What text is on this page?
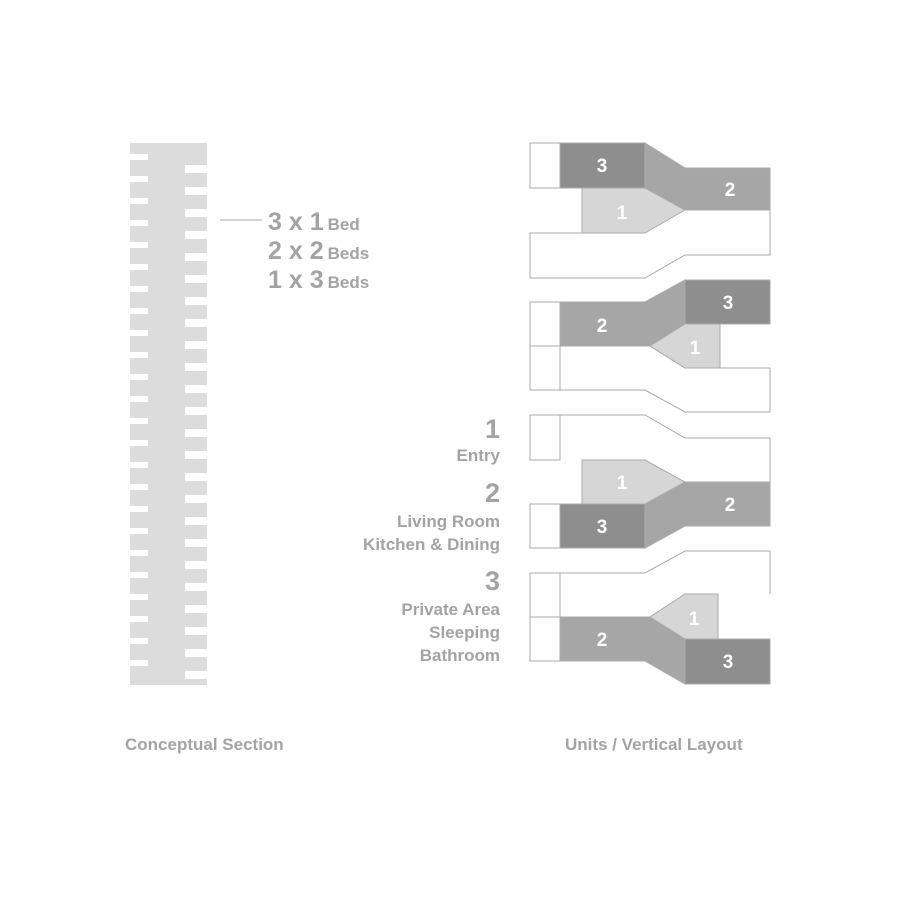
3 x 1 Bed
2 x 2 Beds
1 x 3 Beds
1
Entry
2
Living Room
Kitchen & Dining
3
Private Area
Sleeping
Bathroom
3
2
1
3
2
1
1
2
3
1
2
3
Conceptual Section	Units / Vertical Layout
